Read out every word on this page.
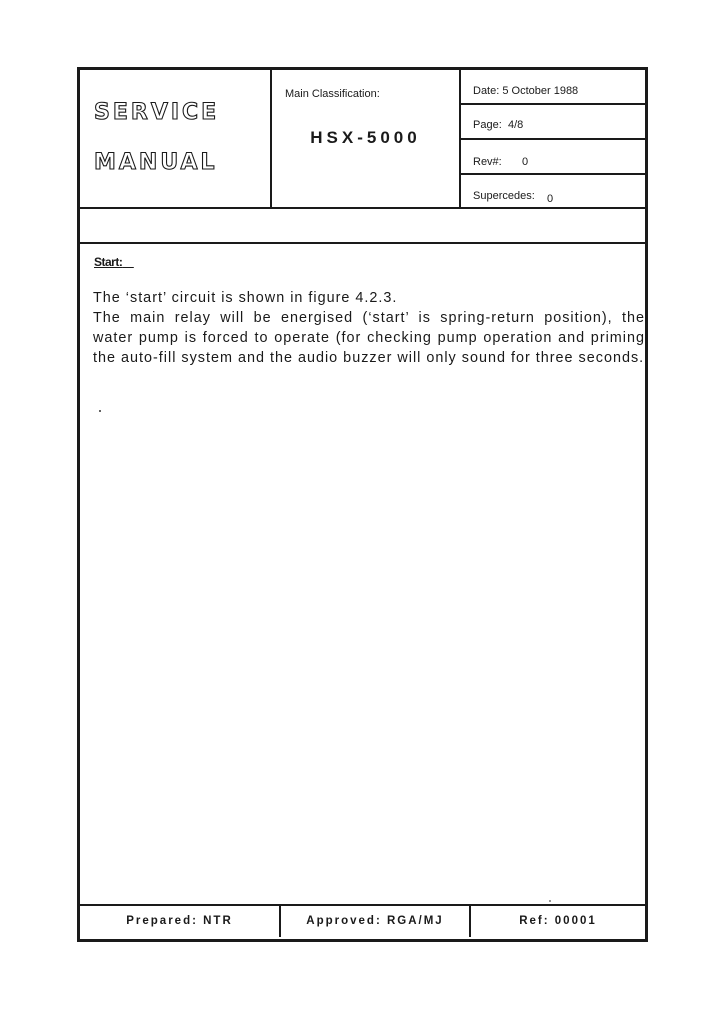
SERVICE
MANUAL
Main Classification:
HSX-5000
Date: 5 October 1988
Page: 4/8
Rev#: 0
Supercedes: 0
Start:

The ‘start’ circuit is shown in figure 4.2.3.

The main relay will be energised (‘start’ is spring-return position), the water pump is forced to operate (for checking pump operation and priming the auto-fill system and the audio buzzer will only sound for three seconds.

Prepared: NTR	Approved: RGA/MJ	Ref: 00001
